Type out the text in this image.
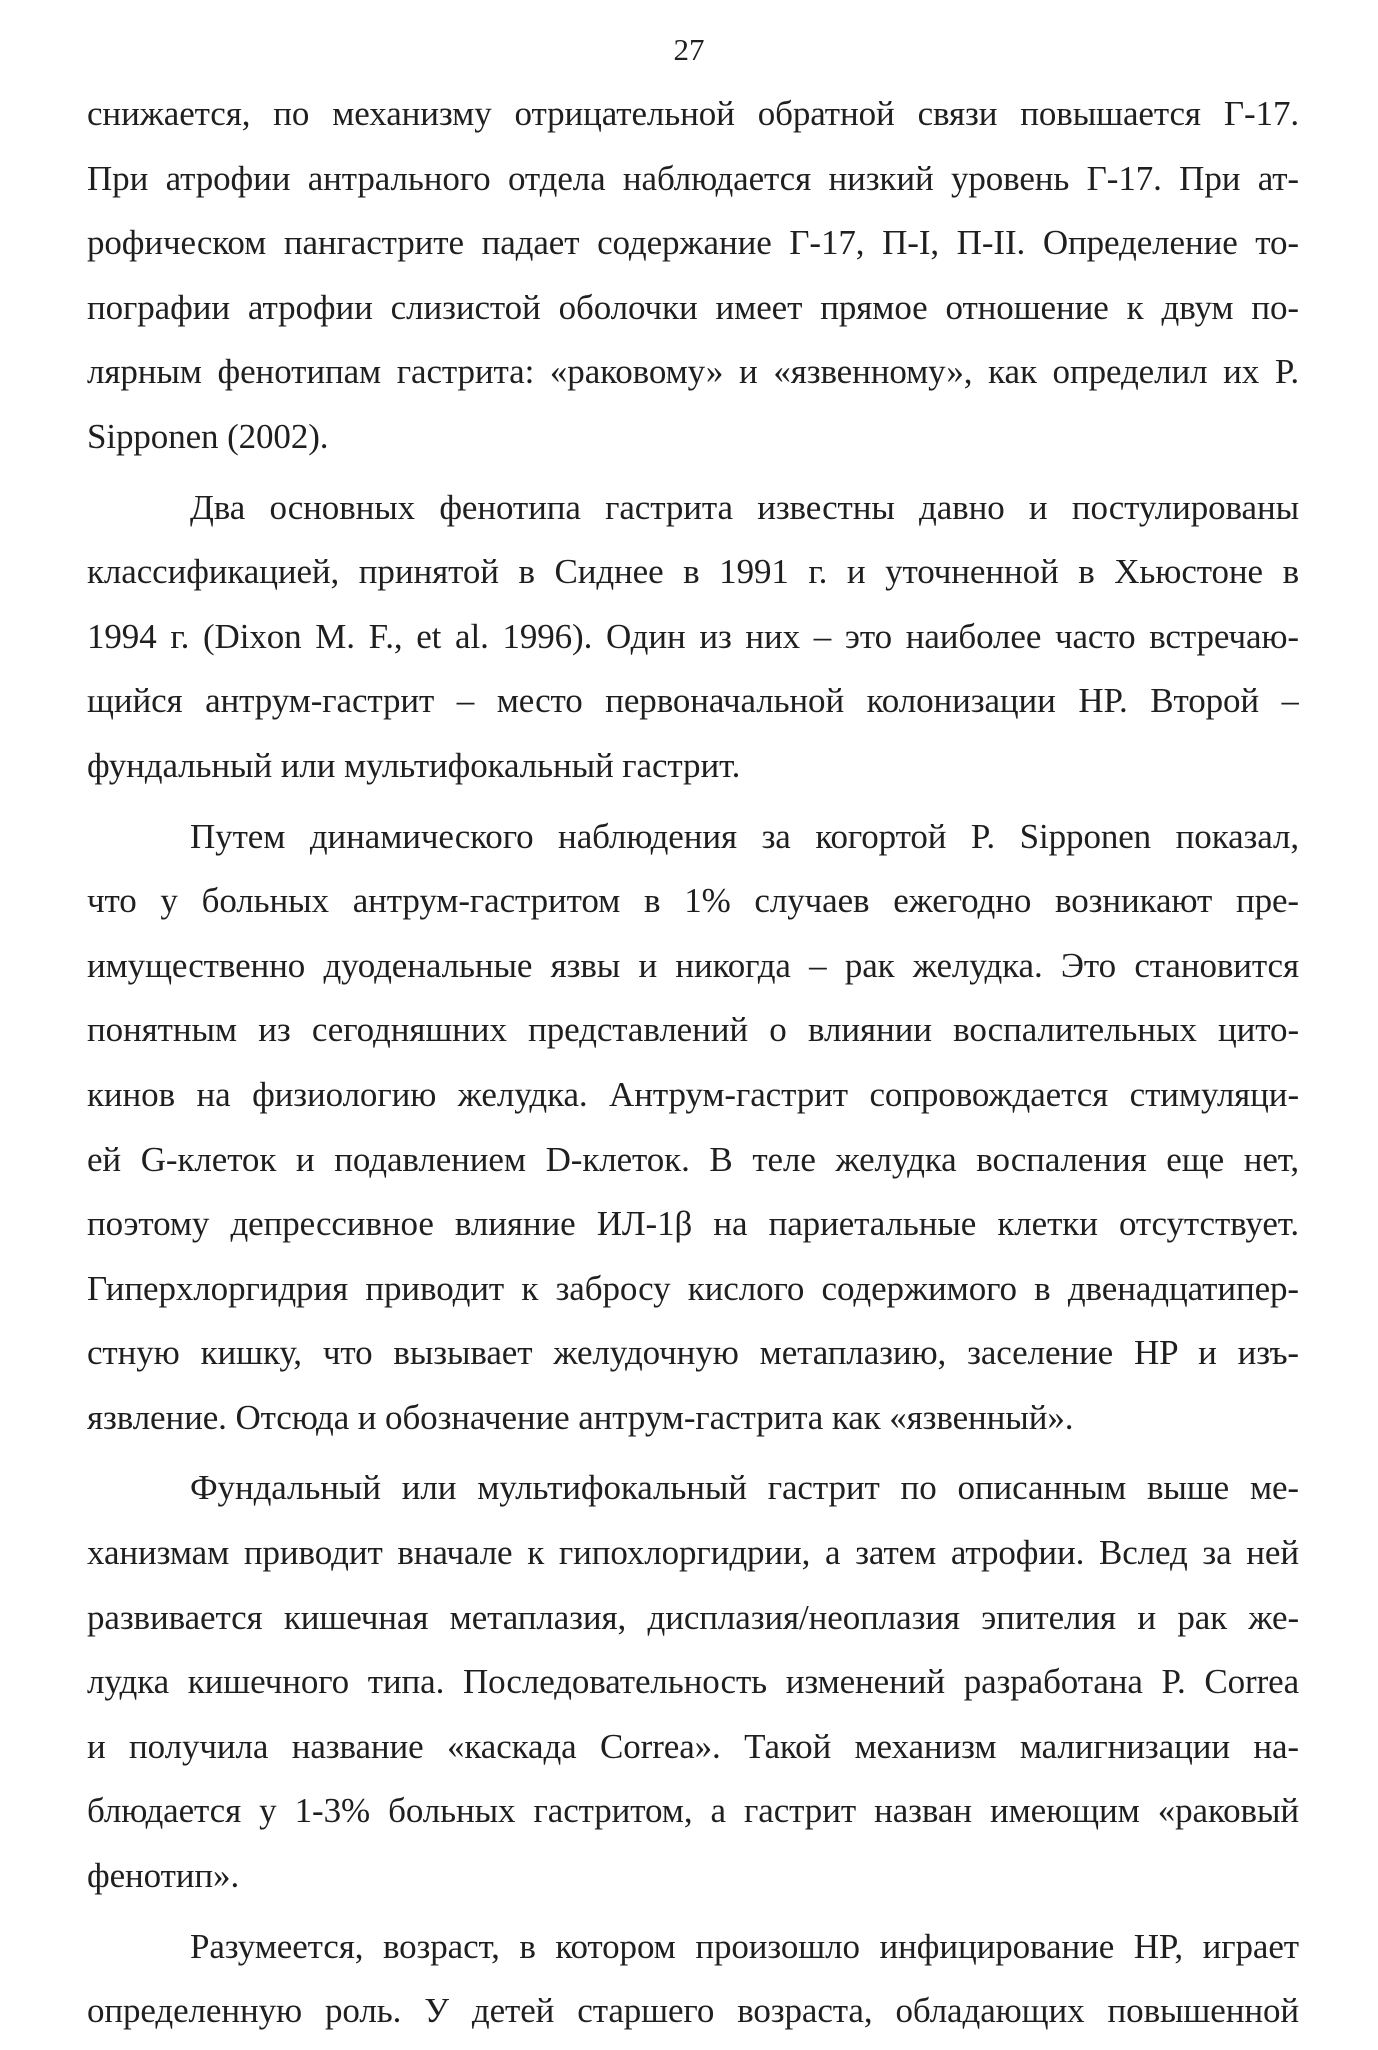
27
снижается, по механизму отрицательной обратной связи повышается Г-17.
При атрофии антрального отдела наблюдается низкий уровень Г-17. При ат-
рофическом пангастрите падает содержание Г-17, П-I, П-II. Определение то-
пографии атрофии слизистой оболочки имеет прямое отношение к двум по-
лярным фенотипам гастрита: «раковому» и «язвенному», как определил их P.
Sipponen (2002).
Два основных фенотипа гастрита известны давно и постулированы
классификацией, принятой в Сиднее в 1991 г. и уточненной в Хьюстоне в
1994 г. (Dixon M. F., et al. 1996). Один из них – это наиболее часто встречаю-
щийся антрум-гастрит – место первоначальной колонизации HP. Второй –
фундальный или мультифокальный гастрит.
Путем динамического наблюдения за когортой P. Sipponen показал,
что у больных антрум-гастритом в 1% случаев ежегодно возникают пре-
имущественно дуоденальные язвы и никогда – рак желудка. Это становится
понятным из сегодняшних представлений о влиянии воспалительных цито-
кинов на физиологию желудка. Антрум-гастрит сопровождается стимуляци-
ей G-клеток и подавлением D-клеток. В теле желудка воспаления еще нет,
поэтому депрессивное влияние ИЛ-1β на париетальные клетки отсутствует.
Гиперхлоргидрия приводит к забросу кислого содержимого в двенадцатипер-
стную кишку, что вызывает желудочную метаплазию, заселение HP и изъ-
язвление. Отсюда и обозначение антрум-гастрита как «язвенный».
Фундальный или мультифокальный гастрит по описанным выше ме-
ханизмам приводит вначале к гипохлоргидрии, а затем атрофии. Вслед за ней
развивается кишечная метаплазия, дисплазия/неоплазия эпителия и рак же-
лудка кишечного типа. Последовательность изменений разработана P. Correa
и получила название «каскада Correa». Такой механизм малигнизации на-
блюдается у 1-3% больных гастритом, а гастрит назван имеющим «раковый
фенотип».
Разумеется, возраст, в котором произошло инфицирование HP, играет
определенную роль. У детей старшего возраста, обладающих повышенной
